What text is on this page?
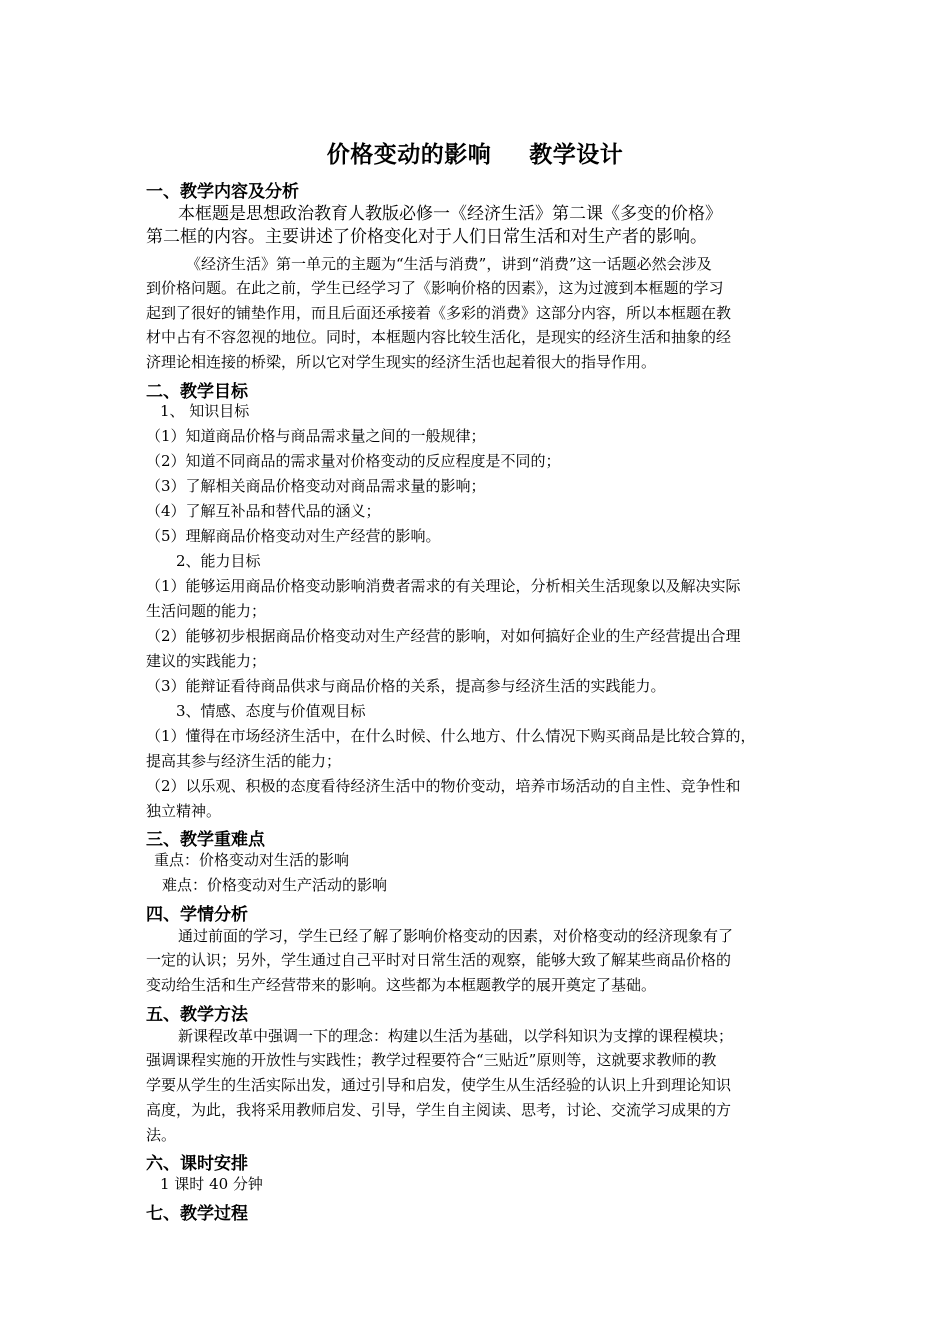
价格变动的影响 教学设计
一、教学内容及分析
本框题是思想政治教育人教版必修一《经济生活》第二课《多变的价格》
第二框的内容。主要讲述了价格变化对于人们日常生活和对生产者的影响。
《经济生活》第一单元的主题为“生活与消费”，讲到“消费”这一话题必然会涉及
到价格问题。在此之前，学生已经学习了《影响价格的因素》，这为过渡到本框题的学习
起到了很好的铺垫作用，而且后面还承接着《多彩的消费》这部分内容，所以本框题在教
材中占有不容忽视的地位。同时，本框题内容比较生活化，是现实的经济生活和抽象的经
济理论相连接的桥梁，所以它对学生现实的经济生活也起着很大的指导作用。
二、教学目标
1、 知识目标
（1）知道商品价格与商品需求量之间的一般规律；
（2）知道不同商品的需求量对价格变动的反应程度是不同的；
（3）了解相关商品价格变动对商品需求量的影响；
（4）了解互补品和替代品的涵义；
（5）理解商品价格变动对生产经营的影响。
2、能力目标
（1）能够运用商品价格变动影响消费者需求的有关理论，分析相关生活现象以及解决实际
生活问题的能力；
（2）能够初步根据商品价格变动对生产经营的影响，对如何搞好企业的生产经营提出合理
建议的实践能力；
（3）能辩证看待商品供求与商品价格的关系，提高参与经济生活的实践能力。
3、情感、态度与价值观目标
（1）懂得在市场经济生活中，在什么时候、什么地方、什么情况下购买商品是比较合算的，
提高其参与经济生活的能力；
（2）以乐观、积极的态度看待经济生活中的物价变动，培养市场活动的自主性、竞争性和
独立精神。
三、教学重难点
重点：价格变动对生活的影响
难点：价格变动对生产活动的影响
四、学情分析
通过前面的学习，学生已经了解了影响价格变动的因素，对价格变动的经济现象有了
一定的认识；另外，学生通过自己平时对日常生活的观察，能够大致了解某些商品价格的
变动给生活和生产经营带来的影响。这些都为本框题教学的展开奠定了基础。
五、教学方法
新课程改革中强调一下的理念：构建以生活为基础，以学科知识为支撑的课程模块；
强调课程实施的开放性与实践性；教学过程要符合“三贴近”原则等，这就要求教师的教
学要从学生的生活实际出发，通过引导和启发，使学生从生活经验的认识上升到理论知识
高度，为此，我将采用教师启发、引导，学生自主阅读、思考，讨论、交流学习成果的方
法。
六、课时安排
1 课时 40 分钟
七、教学过程
